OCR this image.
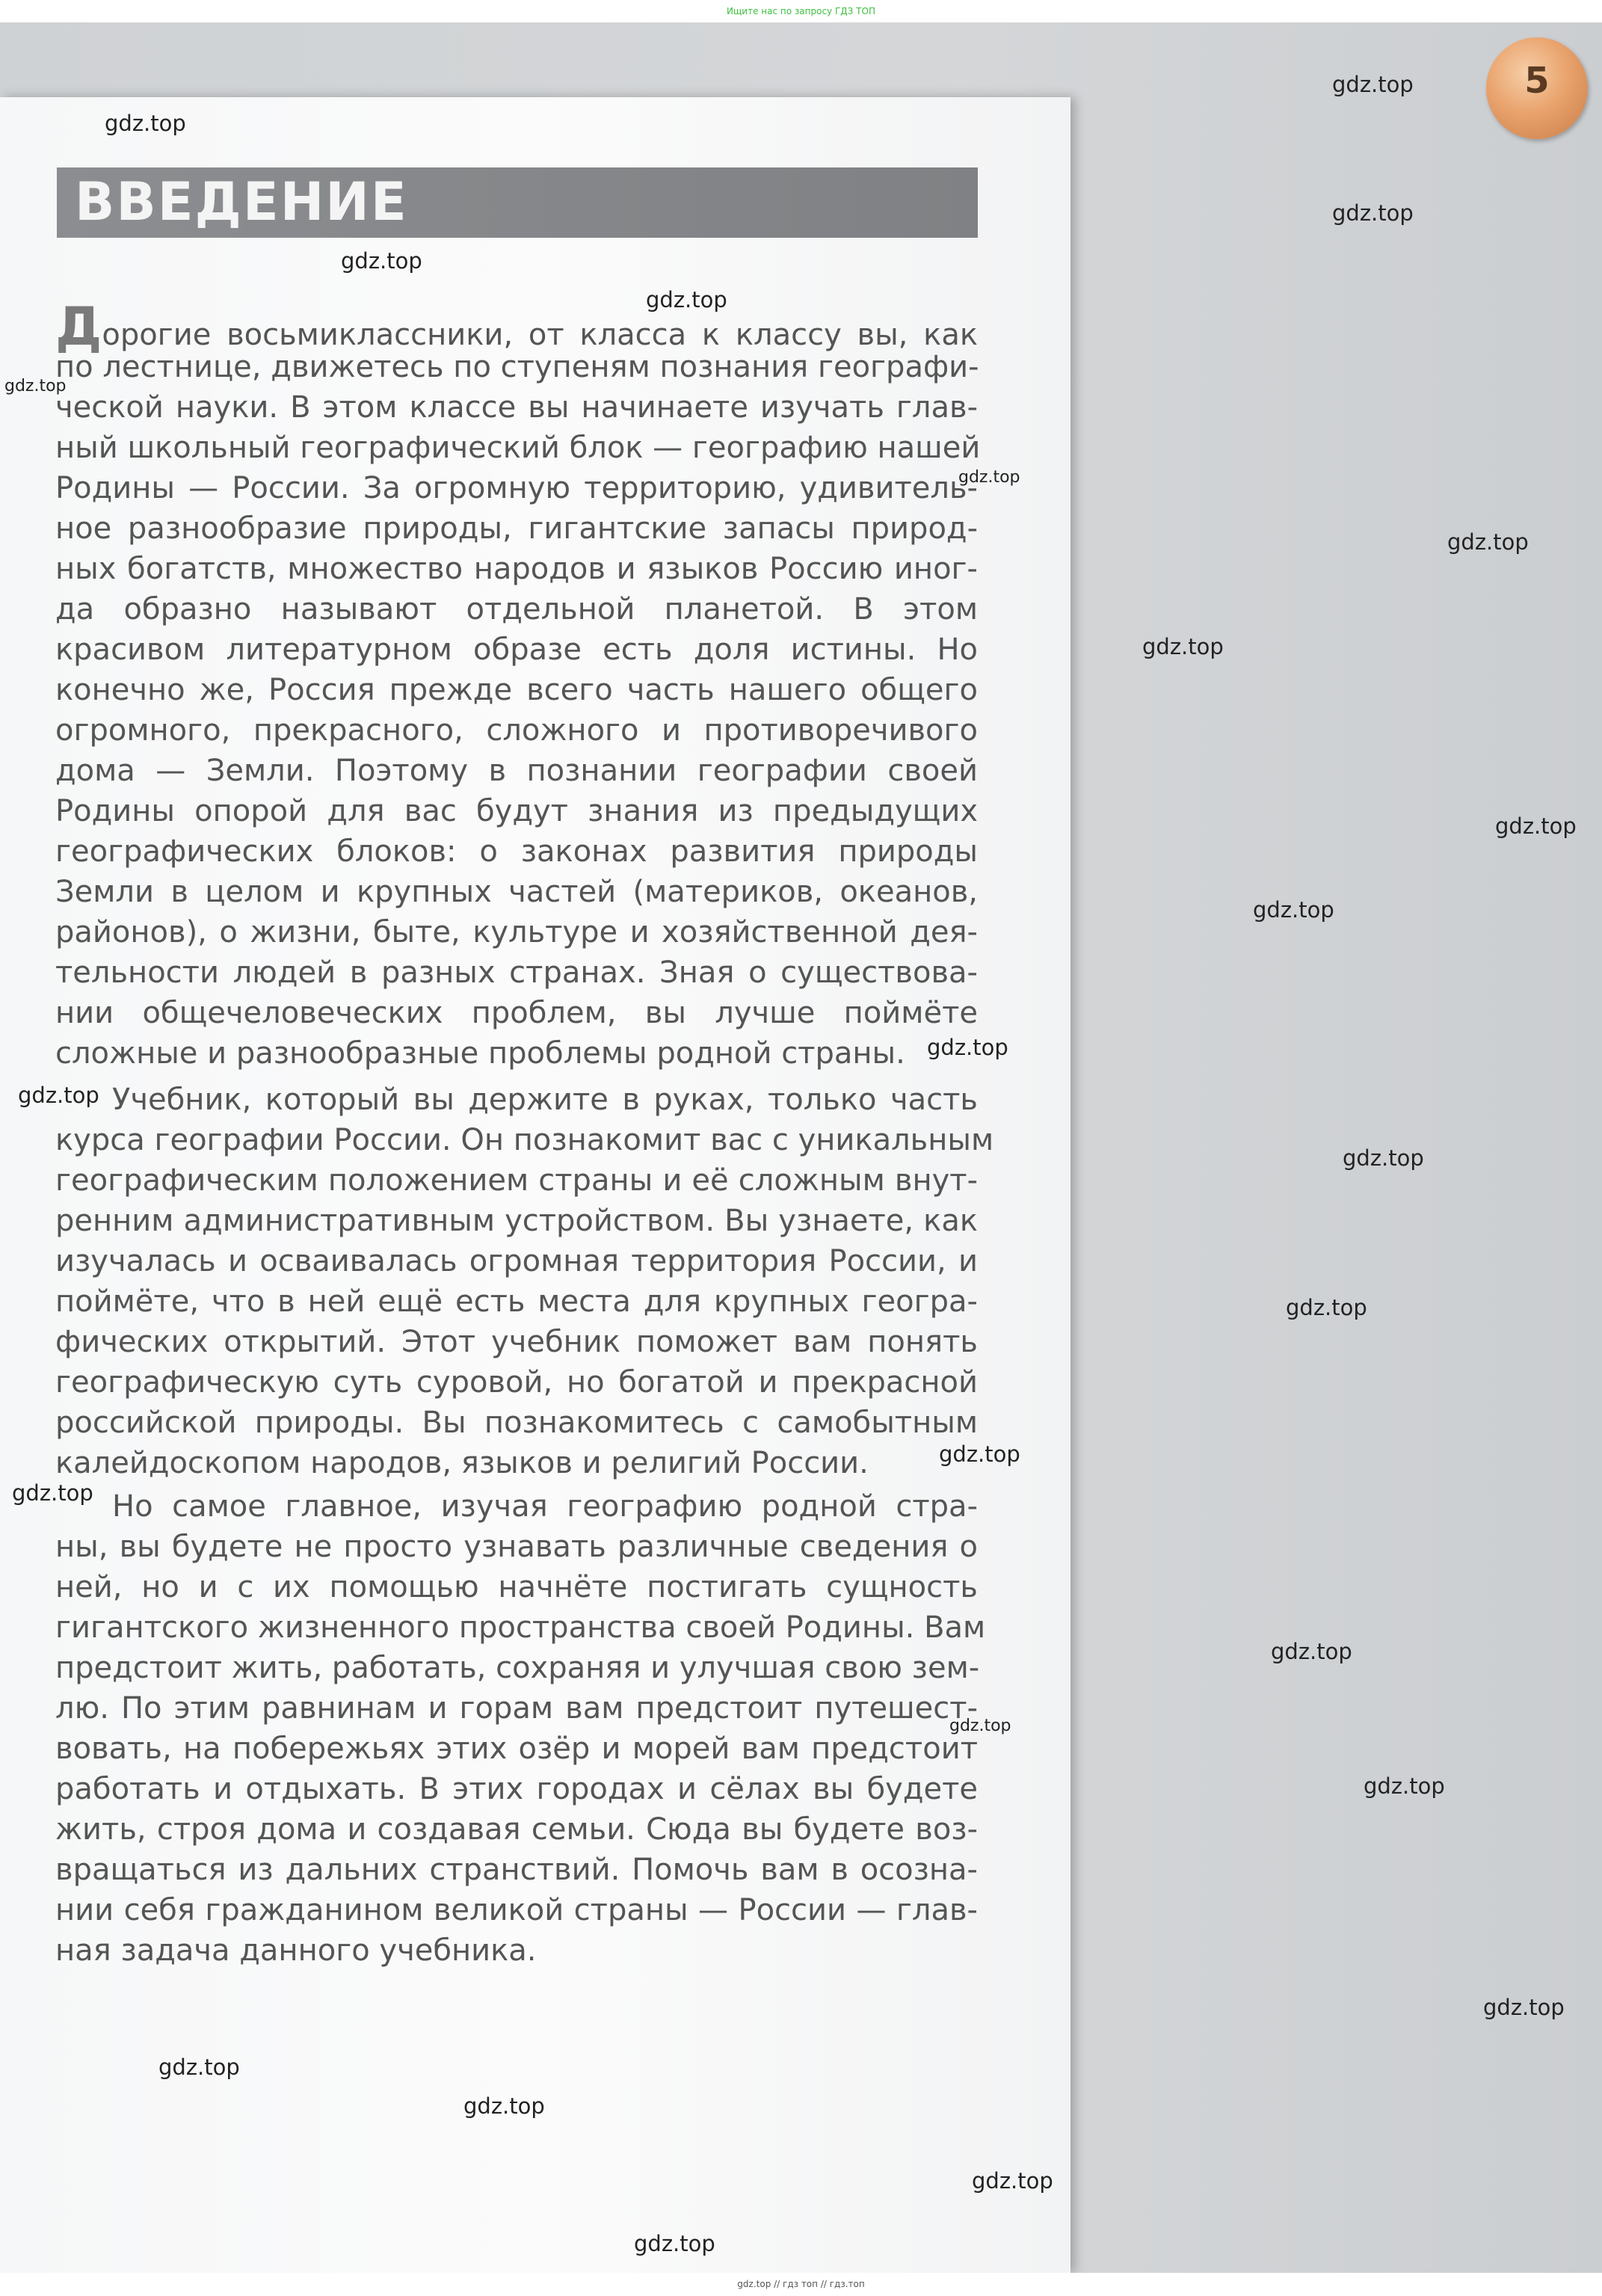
Ищите нас по запросу ГДЗ ТОП
5
ВВЕДЕНИЕ
Дорогие восьмиклассники, от класса к классу вы, как
по лестнице, движетесь по ступеням познания географи-
ческой науки. В этом классе вы начинаете изучать глав-
ный школьный географический блок — географию нашей
Родины — России. За огромную территорию, удивитель-
ное разнообразие природы, гигантские запасы природ-
ных богатств, множество народов и языков Россию иног-
да образно называют отдельной планетой. В этом
красивом литературном образе есть доля истины. Но
конечно же, Россия прежде всего часть нашего общего
огромного, прекрасного, сложного и противоречивого
дома — Земли. Поэтому в познании географии своей
Родины опорой для вас будут знания из предыдущих
географических блоков: о законах развития природы
Земли в целом и крупных частей (материков, океанов,
районов), о жизни, быте, культуре и хозяйственной дея-
тельности людей в разных странах. Зная о существова-
нии общечеловеческих проблем, вы лучше поймёте
сложные и разнообразные проблемы родной страны.
Учебник, который вы держите в руках, только часть
курса географии России. Он познакомит вас с уникальным
географическим положением страны и её сложным внут-
ренним административным устройством. Вы узнаете, как
изучалась и осваивалась огромная территория России, и
поймёте, что в ней ещё есть места для крупных геогра-
фических открытий. Этот учебник поможет вам понять
географическую суть суровой, но богатой и прекрасной
российской природы. Вы познакомитесь с самобытным
калейдоскопом народов, языков и религий России.
Но самое главное, изучая географию родной стра-
ны, вы будете не просто узнавать различные сведения о
ней, но и с их помощью начнёте постигать сущность
гигантского жизненного пространства своей Родины. Вам
предстоит жить, работать, сохраняя и улучшая свою зем-
лю. По этим равнинам и горам вам предстоит путешест-
вовать, на побережьях этих озёр и морей вам предстоит
работать и отдыхать. В этих городах и сёлах вы будете
жить, строя дома и создавая семьи. Сюда вы будете воз-
вращаться из дальних странствий. Помочь вам в осозна-
нии себя гражданином великой страны — России — глав-
ная задача данного учебника.
gdz.top
gdz.top
gdz.top
gdz.top
gdz.top
gdz.top
gdz.top
gdz.top
gdz.top
gdz.top
gdz.top
gdz.top
gdz.top
gdz.top
gdz.top
gdz.top
gdz.top
gdz.top
gdz.top
gdz.top
gdz.top
gdz.top
gdz.top
gdz.top
gdz.top
gdz.top // гдз топ // гдз.топ
